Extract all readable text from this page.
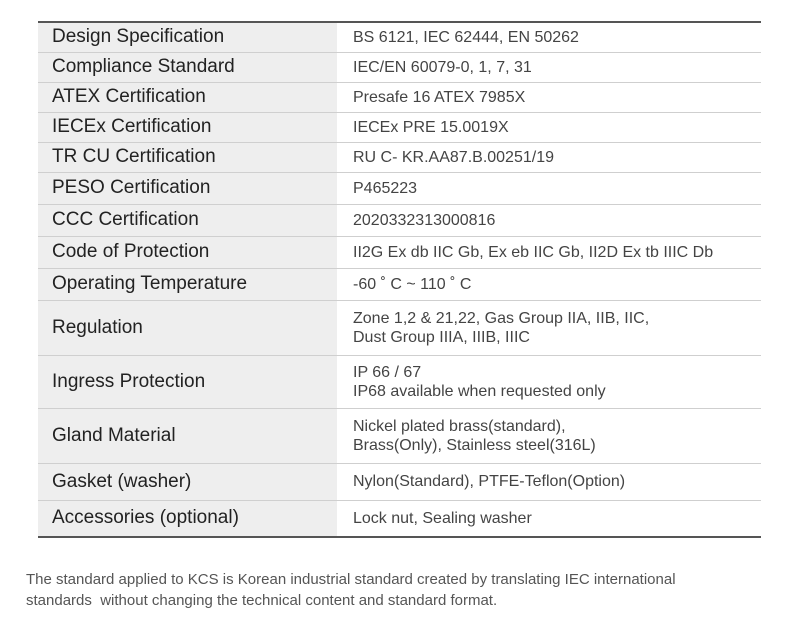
Design Specification	BS 6121, IEC 62444, EN 50262

Compliance Standard	IEC/EN 60079-0, 1, 7, 31

ATEX Certification	Presafe 16 ATEX 7985X

IECEx Certification	IECEx PRE 15.0019X

TR CU Certification	RU C- KR.AA87.B.00251/19

PESO Certification	P465223

CCC Certification	2020332313000816

Code of Protection	II2G Ex db IIC Gb, Ex eb IIC Gb, II2D Ex tb IIIC Db

Operating Temperature	-60 ˚ C ~ 110 ˚ C

Regulation	Zone 1,2 & 21,22, Gas Group IIA, IIB, IIC,
Dust Group IIIA, IIIB, IIIC

Ingress Protection	IP 66 / 67
IP68 available when requested only

Gland Material	Nickel plated brass(standard),
Brass(Only), Stainless steel(316L)

Gasket (washer)	Nylon(Standard), PTFE-Teflon(Option)

Accessories (optional)	Lock nut, Sealing washer
The standard applied to KCS is Korean industrial standard created by translating IEC international
standards  without changing the technical content and standard format.
